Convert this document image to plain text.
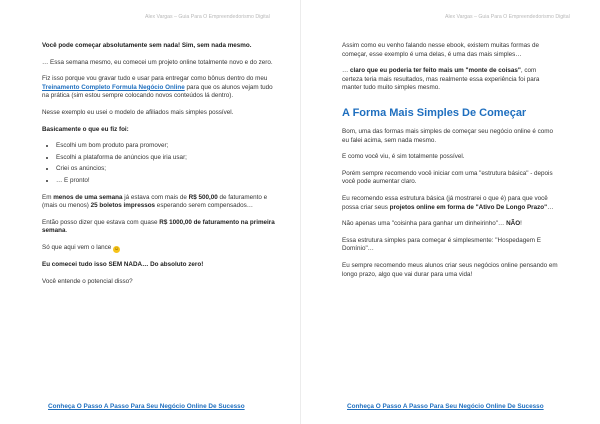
Alex Vargas – Guia Para O Empreendedorismo Digital

Você pode começar absolutamente sem nada! Sim, sem nada mesmo.

… Essa semana mesmo, eu comecei um projeto online totalmente novo e do zero.

Fiz isso porque vou gravar tudo e usar para entregar como bônus dentro do meu Treinamento Completo Formula Negócio Online para que os alunos vejam tudo na prática (sim estou sempre colocando novos conteúdos lá dentro).

Nesse exemplo eu usei o modelo de afiliados mais simples possível.

Basicamente o que eu fiz foi:

• Escolhi um bom produto para promover;
• Escolhi a plataforma de anúncios que iria usar;
• Criei os anúncios;
• … E pronto!

Em menos de uma semana já estava com mais de R$ 500,00 de faturamento e (mais ou menos) 25 boletos impressos esperando serem compensados…

Então posso dizer que estava com quase R$ 1000,00 de faturamento na primeira semana.

Só que aqui vem o lance ☺

Eu comecei tudo isso SEM NADA… Do absoluto zero!

Você entende o potencial disso?

Alex Vargas – Guia Para O Empreendedorismo Digital

Assim como eu venho falando nesse ebook, existem muitas formas de começar, esse exemplo é uma delas, é uma das mais simples…

… claro que eu poderia ter feito mais um "monte de coisas", com certeza teria mais resultados, mas realmente essa experiência foi para manter tudo muito simples mesmo.

A Forma Mais Simples De Começar

Bom, uma das formas mais simples de começar seu negócio online é como eu falei acima, sem nada mesmo.

E como você viu, é sim totalmente possível.

Porém sempre recomendo você iniciar com uma "estrutura básica" - depois você pode aumentar claro.

Eu recomendo essa estrutura básica (já mostrarei o que é) para que você possa criar seus projetos online em forma de "Ativo De Longo Prazo"…

Não apenas uma "coisinha para ganhar um dinheirinho"… NÃO!

Essa estrutura simples para começar é simplesmente: "Hospedagem E Domínio"…

Eu sempre recomendo meus alunos criar seus negócios online pensando em longo prazo, algo que vai durar para uma vida!

Conheça O Passo A Passo Para Seu Negócio Online De Sucesso	Conheça O Passo A Passo Para Seu Negócio Online De Sucesso
